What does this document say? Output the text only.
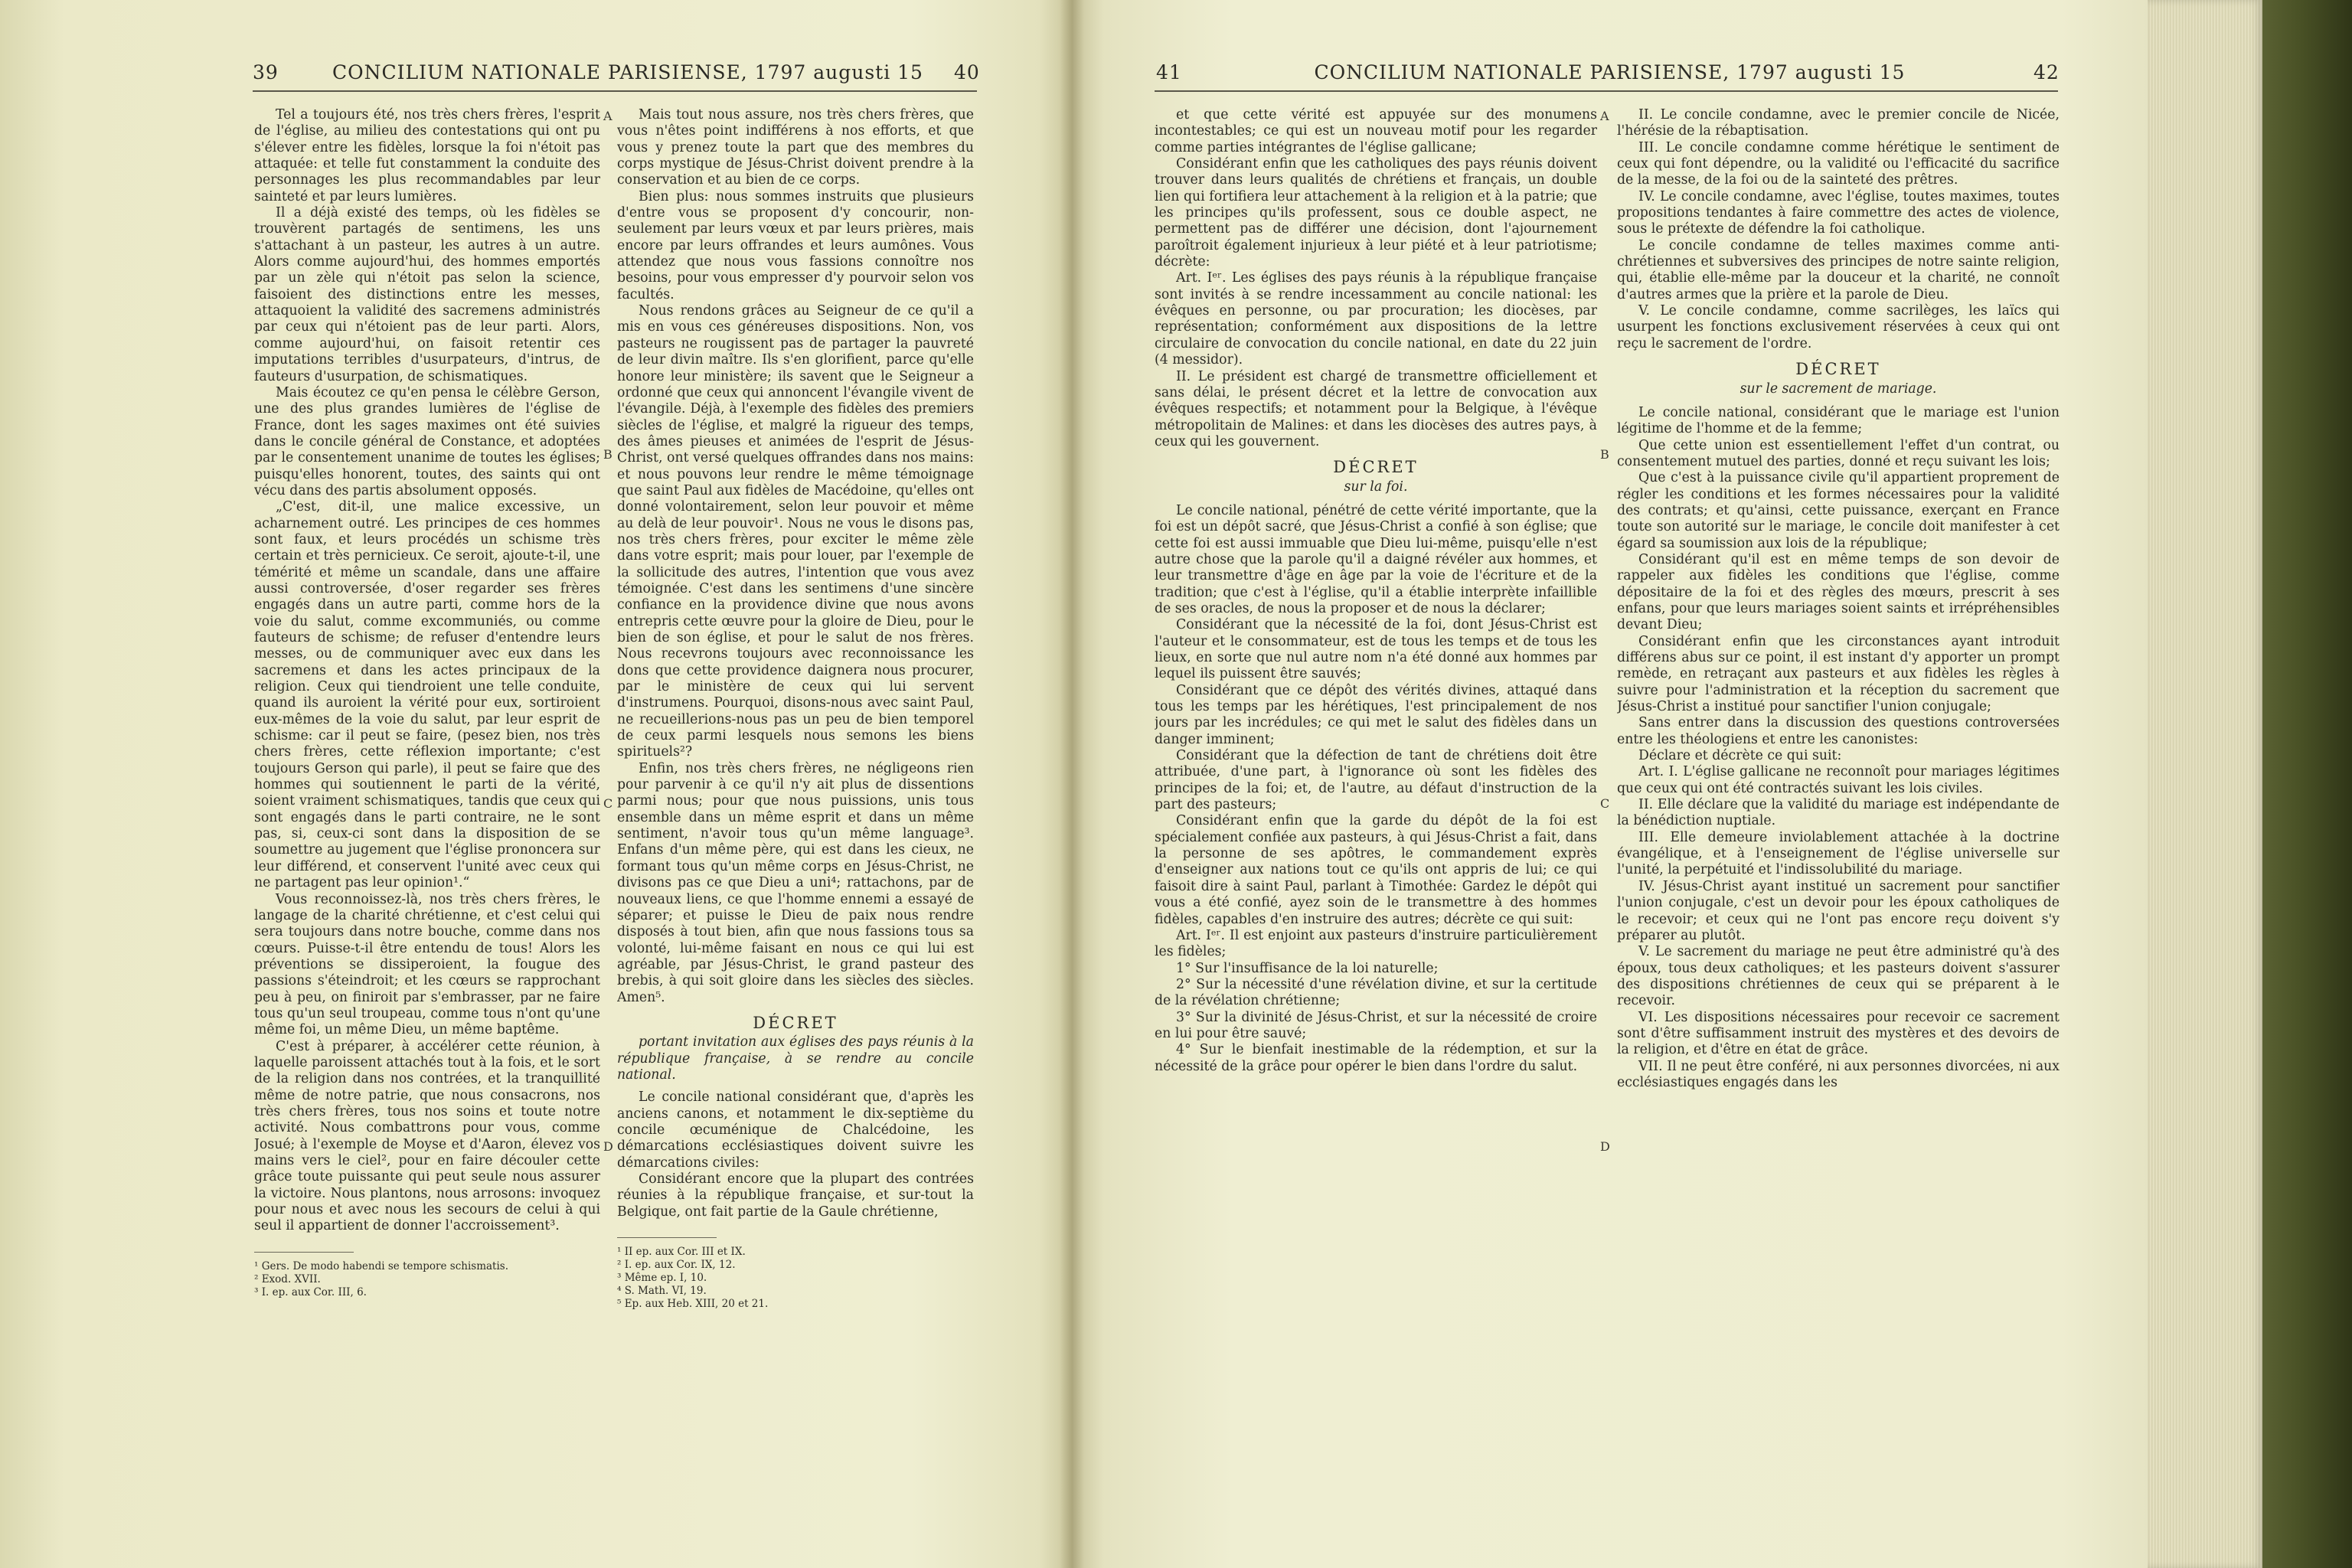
39	CONCILIUM NATIONALE PARISIENSE, 1797 augusti 15	40

Tel a toujours été, nos très chers frères, l'esprit de l'église, au milieu des contestations qui ont pu s'élever entre les fidèles, lorsque la foi n'étoit pas attaquée: et telle fut constamment la conduite des personnages les plus recommandables par leur sainteté et par leurs lumières.

Il a déjà existé des temps, où les fidèles se trouvèrent partagés de sentimens, les uns s'attachant à un pasteur, les autres à un autre. Alors comme aujourd'hui, des hommes emportés par un zèle qui n'étoit pas selon la science, faisoient des distinctions entre les messes, attaquoient la validité des sacremens administrés par ceux qui n'étoient pas de leur parti. Alors, comme aujourd'hui, on faisoit retentir ces imputations terribles d'usurpateurs, d'intrus, de fauteurs d'usurpation, de schismatiques.

Mais écoutez ce qu'en pensa le célèbre Gerson, une des plus grandes lumières de l'église de France, dont les sages maximes ont été suivies dans le concile général de Constance, et adoptées par le consentement unanime de toutes les églises; puisqu'elles honorent, toutes, des saints qui ont vécu dans des partis absolument opposés.

„C'est, dit-il, une malice excessive, un acharnement outré. Les principes de ces hommes sont faux, et leurs procédés un schisme très certain et très pernicieux. Ce seroit, ajoute-t-il, une témérité et même un scandale, dans une affaire aussi controversée, d'oser regarder ses frères engagés dans un autre parti, comme hors de la voie du salut, comme excommuniés, ou comme fauteurs de schisme; de refuser d'entendre leurs messes, ou de communiquer avec eux dans les sacremens et dans les actes principaux de la religion. Ceux qui tiendroient une telle conduite, quand ils auroient la vérité pour eux, sortiroient eux-mêmes de la voie du salut, par leur esprit de schisme: car il peut se faire, (pesez bien, nos très chers frères, cette réflexion importante; c'est toujours Gerson qui parle), il peut se faire que des hommes qui soutiennent le parti de la vérité, soient vraiment schismatiques, tandis que ceux qui sont engagés dans le parti contraire, ne le sont pas, si, ceux-ci sont dans la disposition de se soumettre au jugement que l'église prononcera sur leur différend, et conservent l'unité avec ceux qui ne partagent pas leur opinion¹.“

Vous reconnoissez-là, nos très chers frères, le langage de la charité chrétienne, et c'est celui qui sera toujours dans notre bouche, comme dans nos cœurs. Puisse-t-il être entendu de tous! Alors les préventions se dissiperoient, la fougue des passions s'éteindroit; et les cœurs se rapprochant peu à peu, on finiroit par s'embrasser, par ne faire tous qu'un seul troupeau, comme tous n'ont qu'une même foi, un même Dieu, un même baptême.

C'est à préparer, à accélérer cette réunion, à laquelle paroissent attachés tout à la fois, et le sort de la religion dans nos contrées, et la tranquillité même de notre patrie, que nous consacrons, nos très chers frères, tous nos soins et toute notre activité. Nous combattrons pour vous, comme Josué; à l'exemple de Moyse et d'Aaron, élevez vos mains vers le ciel², pour en faire découler cette grâce toute puissante qui peut seule nous assurer la victoire. Nous plantons, nous arrosons: invoquez pour nous et avec nous les secours de celui à qui seul il appartient de donner l'accroissement³.

¹ Gers. De modo habendi se tempore schismatis.
² Exod. XVII.
³ I. ep. aux Cor. III, 6.

Mais tout nous assure, nos très chers frères, que vous n'êtes point indifférens à nos efforts, et que vous y prenez toute la part que des membres du corps mystique de Jésus-Christ doivent prendre à la conservation et au bien de ce corps.

Bien plus: nous sommes instruits que plusieurs d'entre vous se proposent d'y concourir, non-seulement par leurs vœux et par leurs prières, mais encore par leurs offrandes et leurs aumônes. Vous attendez que nous vous fassions connoître nos besoins, pour vous empresser d'y pourvoir selon vos facultés.

Nous rendons grâces au Seigneur de ce qu'il a mis en vous ces généreuses dispositions. Non, vos pasteurs ne rougissent pas de partager la pauvreté de leur divin maître. Ils s'en glorifient, parce qu'elle honore leur ministère; ils savent que le Seigneur a ordonné que ceux qui annoncent l'évangile vivent de l'évangile. Déjà, à l'exemple des fidèles des premiers siècles de l'église, et malgré la rigueur des temps, des âmes pieuses et animées de l'esprit de Jésus-Christ, ont versé quelques offrandes dans nos mains: et nous pouvons leur rendre le même témoignage que saint Paul aux fidèles de Macédoine, qu'elles ont donné volontairement, selon leur pouvoir et même au delà de leur pouvoir¹. Nous ne vous le disons pas, nos très chers frères, pour exciter le même zèle dans votre esprit; mais pour louer, par l'exemple de la sollicitude des autres, l'intention que vous avez témoignée. C'est dans les sentimens d'une sincère confiance en la providence divine que nous avons entrepris cette œuvre pour la gloire de Dieu, pour le bien de son église, et pour le salut de nos frères. Nous recevrons toujours avec reconnoissance les dons que cette providence daignera nous procurer, par le ministère de ceux qui lui servent d'instrumens. Pourquoi, disons-nous avec saint Paul, ne recueillerions-nous pas un peu de bien temporel de ceux parmi lesquels nous semons les biens spirituels²?

Enfin, nos très chers frères, ne négligeons rien pour parvenir à ce qu'il n'y ait plus de dissentions parmi nous; pour que nous puissions, unis tous ensemble dans un même esprit et dans un même sentiment, n'avoir tous qu'un même language³. Enfans d'un même père, qui est dans les cieux, ne formant tous qu'un même corps en Jésus-Christ, ne divisons pas ce que Dieu a uni⁴; rattachons, par de nouveaux liens, ce que l'homme ennemi a essayé de séparer; et puisse le Dieu de paix nous rendre disposés à tout bien, afin que nous fassions tous sa volonté, lui-même faisant en nous ce qui lui est agréable, par Jésus-Christ, le grand pasteur des brebis, à qui soit gloire dans les siècles des siècles. Amen⁵.

DÉCRET

portant invitation aux églises des pays réunis à la république française, à se rendre au concile national.

Le concile national considérant que, d'après les anciens canons, et notamment le dix-septième du concile œcuménique de Chalcédoine, les démarcations ecclésiastiques doivent suivre les démarcations civiles:

Considérant encore que la plupart des contrées réunies à la république française, et sur-tout la Belgique, ont fait partie de la Gaule chrétienne,

¹ II ep. aux Cor. III et IX.
² I. ep. aux Cor. IX, 12.
³ Même ep. I, 10.
⁴ S. Math. VI, 19.
⁵ Ep. aux Heb. XIII, 20 et 21.
A
B
C
D
41	CONCILIUM NATIONALE PARISIENSE, 1797 augusti 15	42

et que cette vérité est appuyée sur des monumens incontestables; ce qui est un nouveau motif pour les regarder comme parties intégrantes de l'église gallicane;

Considérant enfin que les catholiques des pays réunis doivent trouver dans leurs qualités de chrétiens et français, un double lien qui fortifiera leur attachement à la religion et à la patrie; que les principes qu'ils professent, sous ce double aspect, ne permettent pas de différer une décision, dont l'ajournement paroîtroit également injurieux à leur piété et à leur patriotisme; décrète:

Art. Iᵉʳ. Les églises des pays réunis à la république française sont invités à se rendre incessamment au concile national: les évêques en personne, ou par procuration; les diocèses, par représentation; conformément aux dispositions de la lettre circulaire de convocation du concile national, en date du 22 juin (4 messidor).

II. Le président est chargé de transmettre officiellement et sans délai, le présent décret et la lettre de convocation aux évêques respectifs; et notamment pour la Belgique, à l'évêque métropolitain de Malines: et dans les diocèses des autres pays, à ceux qui les gouvernent.

DÉCRET

sur la foi.

Le concile national, pénétré de cette vérité importante, que la foi est un dépôt sacré, que Jésus-Christ a confié à son église; que cette foi est aussi immuable que Dieu lui-même, puisqu'elle n'est autre chose que la parole qu'il a daigné révéler aux hommes, et leur transmettre d'âge en âge par la voie de l'écriture et de la tradition; que c'est à l'église, qu'il a établie interprète infaillible de ses oracles, de nous la proposer et de nous la déclarer;

Considérant que la nécessité de la foi, dont Jésus-Christ est l'auteur et le consommateur, est de tous les temps et de tous les lieux, en sorte que nul autre nom n'a été donné aux hommes par lequel ils puissent être sauvés;

Considérant que ce dépôt des vérités divines, attaqué dans tous les temps par les hérétiques, l'est principalement de nos jours par les incrédules; ce qui met le salut des fidèles dans un danger imminent;

Considérant que la défection de tant de chrétiens doit être attribuée, d'une part, à l'ignorance où sont les fidèles des principes de la foi; et, de l'autre, au défaut d'instruction de la part des pasteurs;

Considérant enfin que la garde du dépôt de la foi est spécialement confiée aux pasteurs, à qui Jésus-Christ a fait, dans la personne de ses apôtres, le commandement exprès d'enseigner aux nations tout ce qu'ils ont appris de lui; ce qui faisoit dire à saint Paul, parlant à Timothée: Gardez le dépôt qui vous a été confié, ayez soin de le transmettre à des hommes fidèles, capables d'en instruire des autres; décrète ce qui suit:

Art. Iᵉʳ. Il est enjoint aux pasteurs d'instruire particulièrement les fidèles;

1° Sur l'insuffisance de la loi naturelle;

2° Sur la nécessité d'une révélation divine, et sur la certitude de la révélation chrétienne;

3° Sur la divinité de Jésus-Christ, et sur la nécessité de croire en lui pour être sauvé;

4° Sur le bienfait inestimable de la rédemption, et sur la nécessité de la grâce pour opérer le bien dans l'ordre du salut.

II. Le concile condamne, avec le premier concile de Nicée, l'hérésie de la rébaptisation.

III. Le concile condamne comme hérétique le sentiment de ceux qui font dépendre, ou la validité ou l'efficacité du sacrifice de la messe, de la foi ou de la sainteté des prêtres.

IV. Le concile condamne, avec l'église, toutes maximes, toutes propositions tendantes à faire commettre des actes de violence, sous le prétexte de défendre la foi catholique.

Le concile condamne de telles maximes comme anti-chrétiennes et subversives des principes de notre sainte religion, qui, établie elle-même par la douceur et la charité, ne connoît d'autres armes que la prière et la parole de Dieu.

V. Le concile condamne, comme sacrilèges, les laïcs qui usurpent les fonctions exclusivement réservées à ceux qui ont reçu le sacrement de l'ordre.

DÉCRET

sur le sacrement de mariage.

Le concile national, considérant que le mariage est l'union légitime de l'homme et de la femme;

Que cette union est essentiellement l'effet d'un contrat, ou consentement mutuel des parties, donné et reçu suivant les lois;

Que c'est à la puissance civile qu'il appartient proprement de régler les conditions et les formes nécessaires pour la validité des contrats; et qu'ainsi, cette puissance, exerçant en France toute son autorité sur le mariage, le concile doit manifester à cet égard sa soumission aux lois de la république;

Considérant qu'il est en même temps de son devoir de rappeler aux fidèles les conditions que l'église, comme dépositaire de la foi et des règles des mœurs, prescrit à ses enfans, pour que leurs mariages soient saints et irrépréhensibles devant Dieu;

Considérant enfin que les circonstances ayant introduit différens abus sur ce point, il est instant d'y apporter un prompt remède, en retraçant aux pasteurs et aux fidèles les règles à suivre pour l'administration et la réception du sacrement que Jésus-Christ a institué pour sanctifier l'union conjugale;

Sans entrer dans la discussion des questions controversées entre les théologiens et entre les canonistes:

Déclare et décrète ce qui suit:

Art. I. L'église gallicane ne reconnoît pour mariages légitimes que ceux qui ont été contractés suivant les lois civiles.

II. Elle déclare que la validité du mariage est indépendante de la bénédiction nuptiale.

III. Elle demeure inviolablement attachée à la doctrine évangélique, et à l'enseignement de l'église universelle sur l'unité, la perpétuité et l'indissolubilité du mariage.

IV. Jésus-Christ ayant institué un sacrement pour sanctifier l'union conjugale, c'est un devoir pour les époux catholiques de le recevoir; et ceux qui ne l'ont pas encore reçu doivent s'y préparer au plutôt.

V. Le sacrement du mariage ne peut être administré qu'à des époux, tous deux catholiques; et les pasteurs doivent s'assurer des dispositions chrétiennes de ceux qui se préparent à le recevoir.

VI. Les dispositions nécessaires pour recevoir ce sacrement sont d'être suffisamment instruit des mystères et des devoirs de la religion, et d'être en état de grâce.

VII. Il ne peut être conféré, ni aux personnes divorcées, ni aux ecclésiastiques engagés dans les

A
B
C
D
